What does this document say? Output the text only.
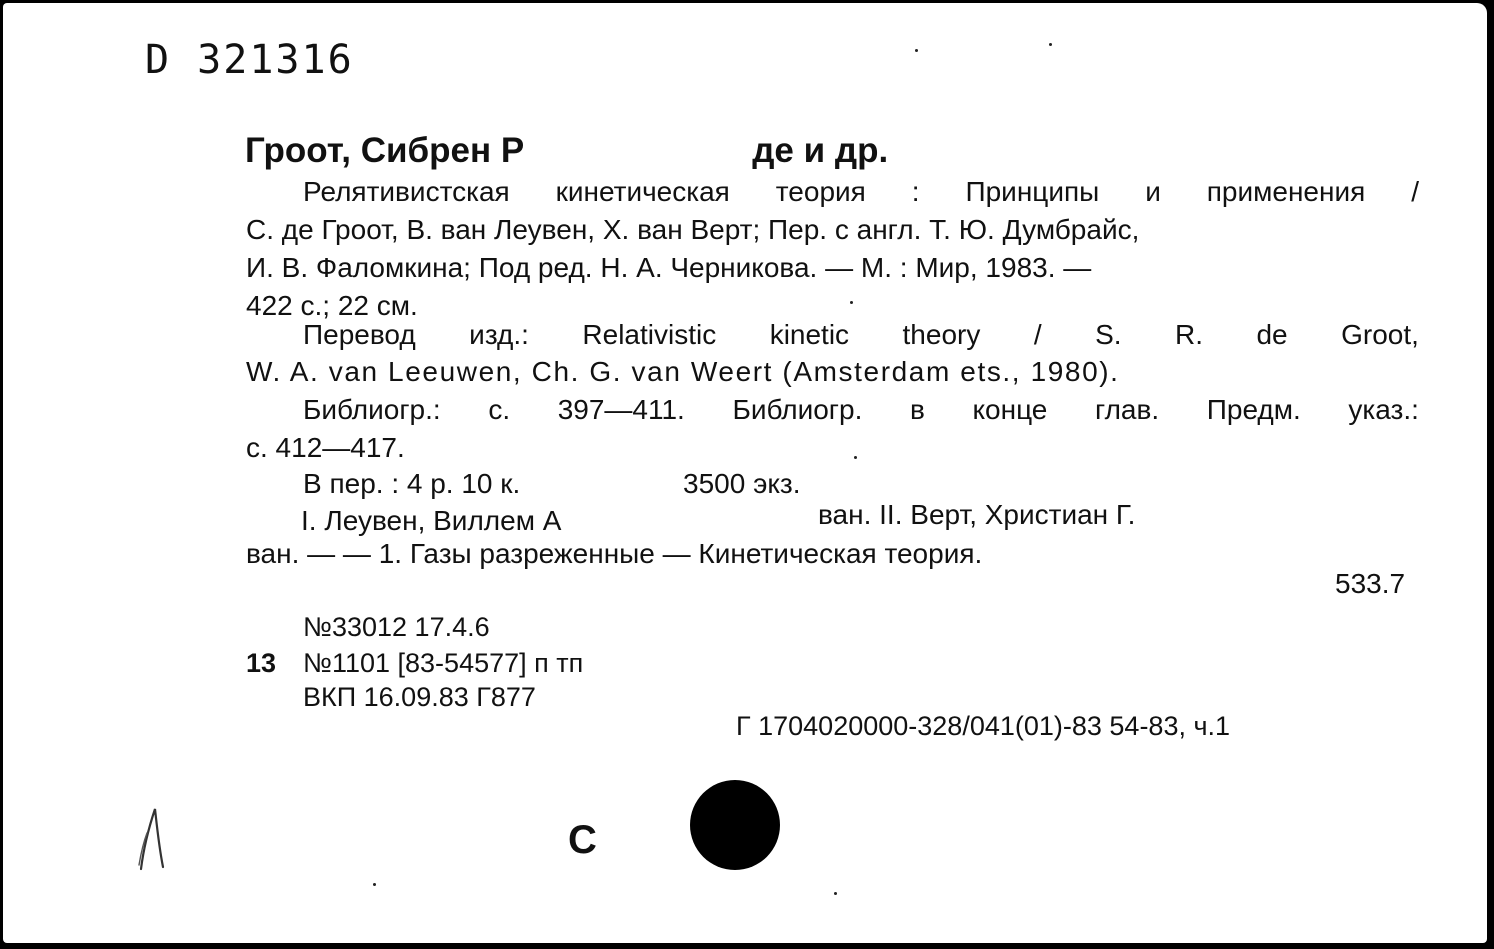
D 321316
Гроот, Сибрен Р	де и др.
Релятивистская кинетическая теория : Принципы и применения /
С. де Гроот, В. ван Леувен, Х. ван Верт; Пер. с англ. Т. Ю. Думбрайс,
И. В. Фаломкина; Под ред. Н. А. Черникова. — М. : Мир, 1983. —
422 с.; 22 см.
Перевод изд.: Relativistic kinetic theory / S. R. de Groot,
W. A. van Leeuwen, Ch. G. van Weert (Amsterdam ets., 1980).
Библиогр.: с. 397—411. Библиогр. в конце глав. Предм. указ.:
с. 412—417.
В пер. : 4 р. 10 к.	3500 экз.
I. Леувен, Виллем А	ван. II. Верт, Христиан Г.
ван. — — 1. Газы разреженные — Кинетическая теория.
533.7
№33012 17.4.6
13 №1101 [83-54577] п тп
ВКП 16.09.83 Г877
Г 1704020000-328/041(01)-83 54-83, ч.1
С
